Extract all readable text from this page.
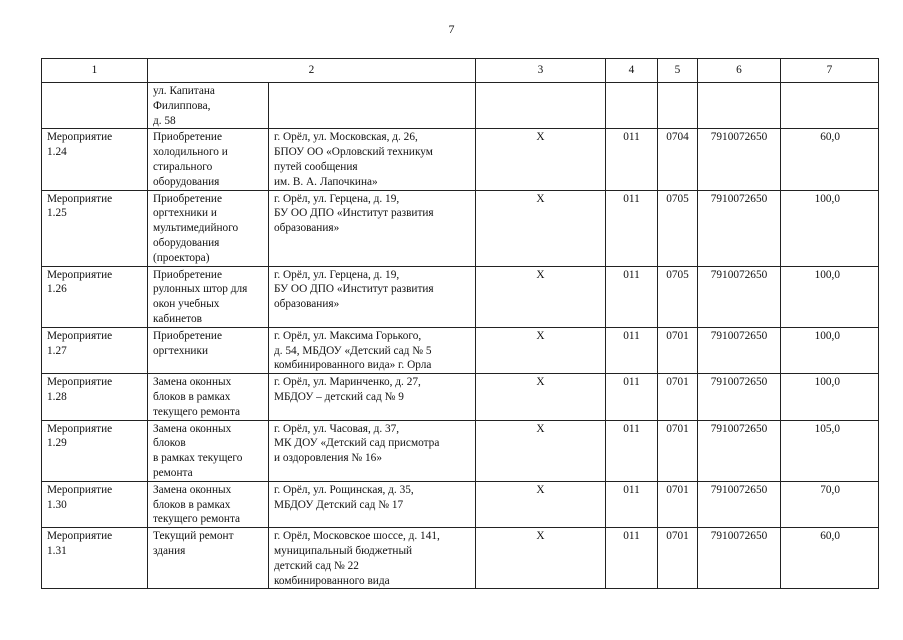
7
1	2		3	4	5	6	7
	ул. Капитана
Филиппова,
д. 58						
Мероприятие
1.24	Приобретение
холодильного и
стирального
оборудования	г. Орёл, ул. Московская, д. 26,
БПОУ ОО «Орловский техникум
путей сообщения
им. В. А. Лапочкина»	Х	011	0704	7910072650	60,0
Мероприятие
1.25	Приобретение
оргтехники и
мультимедийного
оборудования
(проектора)	г. Орёл, ул. Герцена, д. 19,
БУ ОО ДПО «Институт развития
образования»	Х	011	0705	7910072650	100,0
Мероприятие
1.26	Приобретение
рулонных штор для
окон учебных
кабинетов	г. Орёл, ул. Герцена, д. 19,
БУ ОО ДПО «Институт развития
образования»	Х	011	0705	7910072650	100,0
Мероприятие
1.27	Приобретение
оргтехники	г. Орёл, ул. Максима Горького,
д. 54, МБДОУ «Детский сад № 5
комбинированного вида» г. Орла	Х	011	0701	7910072650	100,0
Мероприятие
1.28	Замена оконных
блоков в рамках
текущего ремонта	г. Орёл, ул. Маринченко, д. 27,
МБДОУ – детский сад № 9	Х	011	0701	7910072650	100,0
Мероприятие
1.29	Замена оконных
блоков
в рамках текущего
ремонта	г. Орёл, ул. Часовая, д. 37,
МК ДОУ «Детский сад присмотра
и оздоровления № 16»	Х	011	0701	7910072650	105,0
Мероприятие
1.30	Замена оконных
блоков в рамках
текущего ремонта	г. Орёл, ул. Рощинская, д. 35,
МБДОУ Детский сад № 17	Х	011	0701	7910072650	70,0
Мероприятие
1.31	Текущий ремонт
здания	г. Орёл, Московское шоссе, д. 141,
муниципальный бюджетный
детский сад № 22
комбинированного вида	Х	011	0701	7910072650	60,0
